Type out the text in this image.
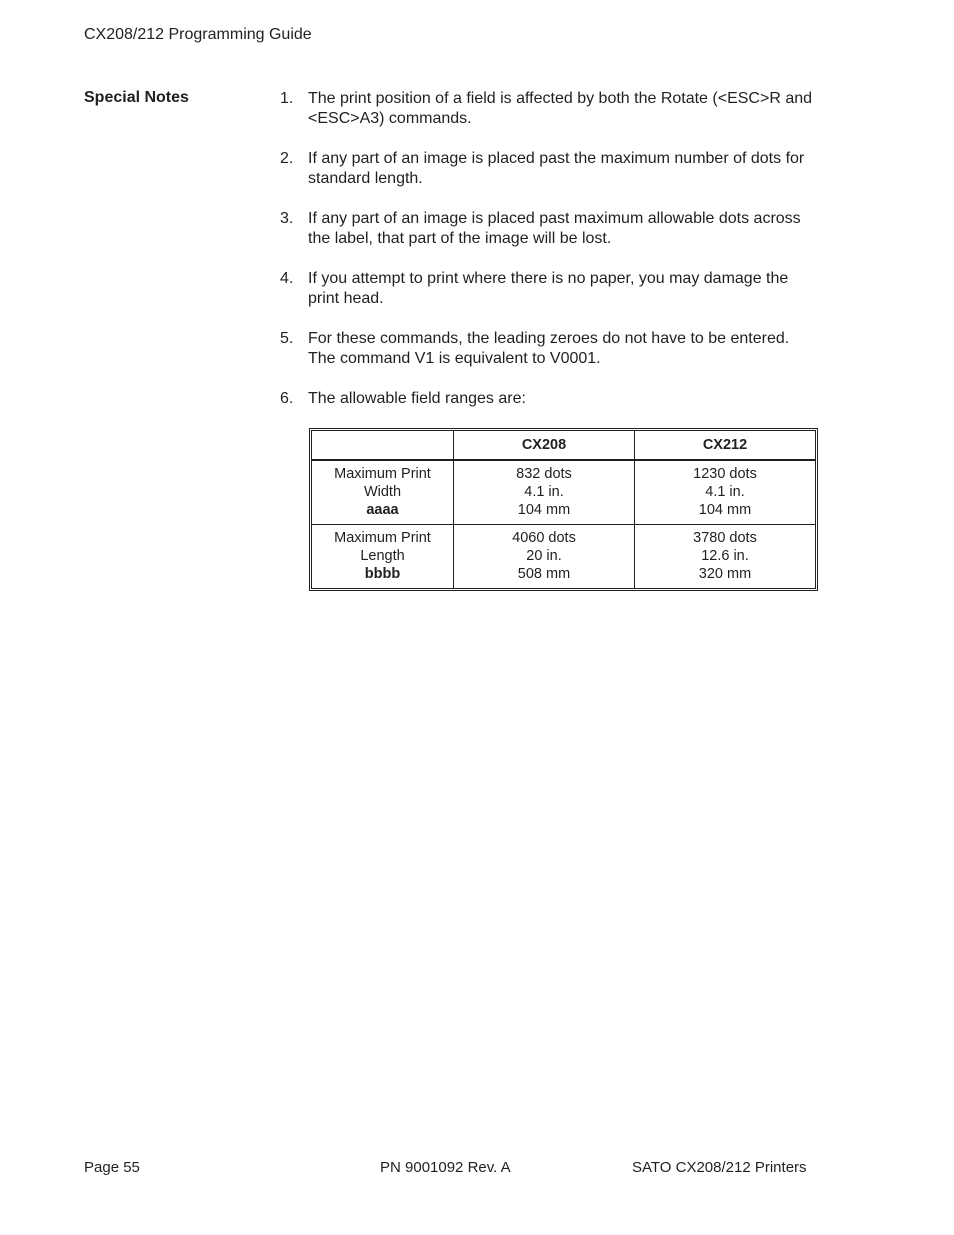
CX208/212 Programming Guide
Special Notes	1. The print position of a field is affected by both the Rotate (<ESC>R and <ESC>A3) commands.
2. If any part of an image is placed past the maximum number of dots for standard length.
3. If any part of an image is placed past maximum allowable dots across the label, that part of the image will be lost.
4. If you attempt to print where there is no paper, you may damage the print head.
5. For these commands, the leading zeroes do not have to be entered. The command V1 is equivalent to V0001.
6. The allowable field ranges are:
	CX208	CX212

Maximum Print
Width
aaaa	832 dots
4.1 in.
104 mm	1230 dots
4.1 in.
104 mm

Maximum Print
Length
bbbb	4060 dots
20 in.
508 mm	3780 dots
12.6 in.
320 mm
Page 55	PN 9001092 Rev. A	SATO CX208/212 Printers
